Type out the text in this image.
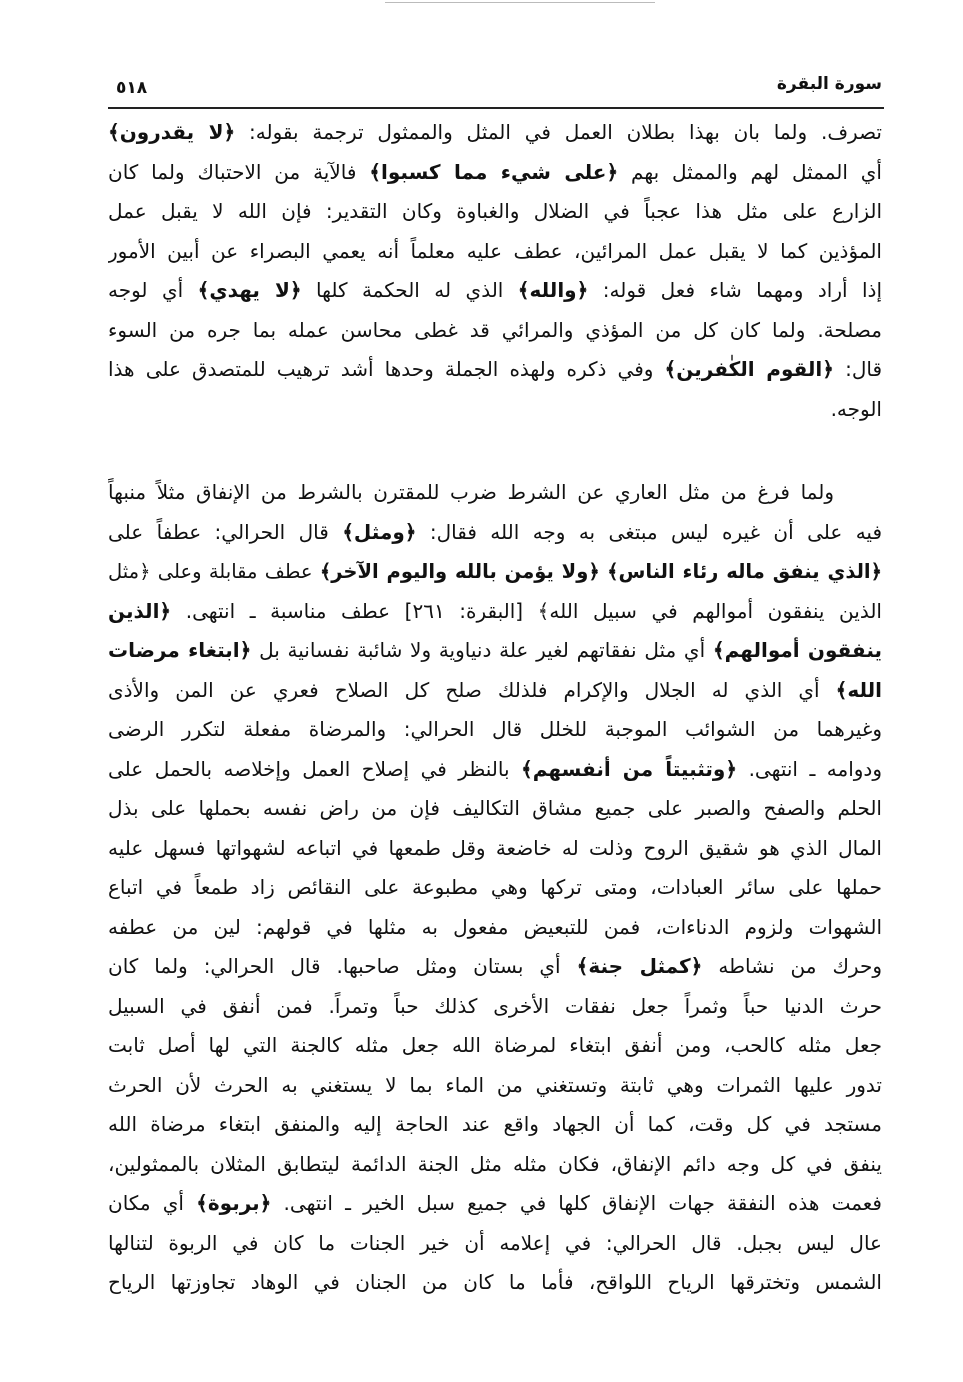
٥١٨	سورة البقرة
تصرف. ولما بان بهذا بطلان العمل في المثل والممثول ترجمة بقوله: ﴿لا يقدرون﴾
أي الممثل لهم والممثل بهم ﴿على شيء مما كسبوا﴾ فالآية من الاحتباك ولما كان
الزارع على مثل هذا عجباً في الضلال والغباوة وكان التقدير: فإن الله لا يقبل عمل
المؤذين كما لا يقبل عمل المرائين، عطف عليه معلماً أنه يعمي البصراء عن أبين الأمور
إذا أراد ومهما شاء فعل قوله: ﴿والله﴾ الذي له الحكمة كلها ﴿لا يهدي﴾ أي لوجه
مصلحة. ولما كان كل من المؤذي والمرائي قد غطى محاسن عمله بما جره من السوء
قال: ﴿القوم الكٰفرين﴾ وفي ذكره ولهذه الجملة وحدها أشد ترهيب للمتصدق على هذا
الوجه.
ولما فرغ من مثل العاري عن الشرط ضرب للمقترن بالشرط من الإنفاق مثلاً منبهاً
فيه على أن غيره ليس مبتغى به وجه الله فقال: ﴿ومثل﴾ قال الحرالي: عطفاً على
﴿الذي ينفق ماله رئاء الناس﴾ ﴿ولا يؤمن بالله واليوم الآخر﴾ عطف مقابلة وعلى ﴿مثل
الذين ينفقون أموالهم في سبيل الله﴾ [البقرة: ٢٦١] عطف مناسبة ـ انتهى. ﴿الذين
ينفقون أموالهم﴾ أي مثل نفقاتهم لغير علة دنياوية ولا شائبة نفسانية بل ﴿ابتغاء مرضات
الله﴾ أي الذي له الجلال والإكرام فلذلك صلح كل الصلاح فعري عن المن والأذى
وغيرهما من الشوائب الموجبة للخلل قال الحرالي: والمرضاة مفعلة لتكرر الرضى
ودوامه ـ انتهى. ﴿وتثبيتاً من أنفسهم﴾ بالنظر في إصلاح العمل وإخلاصه بالحمل على
الحلم والصفح والصبر على جميع مشاق التكاليف فإن من راض نفسه بحملها على بذل
المال الذي هو شقيق الروح وذلت له خاضعة وقل طمعها في اتباعه لشهواتها فسهل عليه
حملها على سائر العبادات، ومتى تركها وهي مطبوعة على النقائص زاد طمعاً في اتباع
الشهوات ولزوم الدناءات، فمن للتبعيض مفعول به مثلها في قولهم: لين من عطفه
وحرك من نشاطه ﴿كمثل جنة﴾ أي بستان ومثل صاحبها. قال الحرالي: ولما كان
حرث الدنيا حباً وثمراً جعل نفقات الأخرى كذلك حباً وتمراً. فمن أنفق في السبيل
جعل مثله كالحب، ومن أنفق ابتغاء لمرضاة الله جعل مثله كالجنة التي لها أصل ثابت
تدور عليها الثمرات وهي ثابتة وتستغني من الماء بما لا يستغني به الحرث لأن الحرث
مستجد في كل وقت، كما أن الجهاد واقع عند الحاجة إليه والمنفق ابتغاء مرضاة الله
ينفق في كل وجه دائم الإنفاق، فكان مثله مثل الجنة الدائمة ليتطابق المثلان بالممثولين،
فعمت هذه النفقة جهات الإنفاق كلها في جميع سبل الخير ـ انتهى. ﴿بربوة﴾ أي مكان
عال ليس بجبل. قال الحرالي: في إعلامه أن خير الجنات ما كان في الربوة لتنالها
الشمس وتخترقها الرياح اللواقح، فأما ما كان من الجنان في الوهاد تجاوزتها الرياح
